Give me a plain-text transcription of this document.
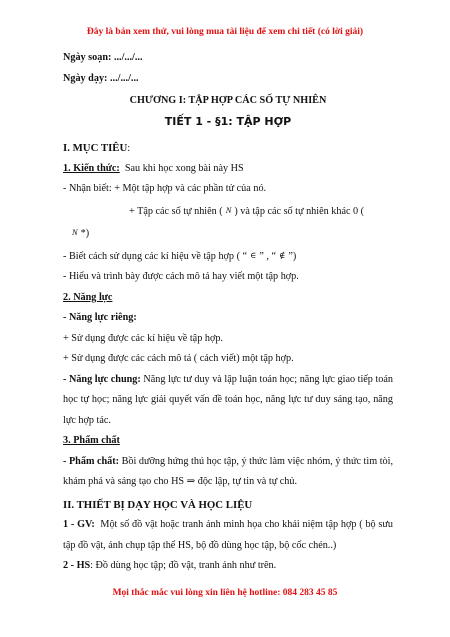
Đây là bản xem thử, vui lòng mua tài liệu để xem chi tiết (có lời giải)
Ngày soạn: .../.../...
Ngày dạy: .../.../...
CHƯƠNG I: TẬP HỢP CÁC SỐ TỰ NHIÊN
TIẾT 1 - §1: TẬP HỢP
I. MỤC TIÊU:
1. Kiến thức: Sau khi học xong bài này HS
- Nhận biết: + Một tập hợp và các phần tử của nó.
+ Tập các số tự nhiên ( N ) và tập các số tự nhiên khác 0 (
N *)
- Biết cách sử dụng các kí hiệu về tập hợp ( “ ∈ ” , “ ∉ ”)
- Hiểu và trình bày được cách mô tả hay viết một tập hợp.
2. Năng lực
- Năng lực riêng:
+ Sử dụng được các kí hiệu về tập hợp.
+ Sử dụng được các cách mô tả ( cách viết) một tập hợp.
- Năng lực chung: Năng lực tư duy và lập luận toán học; năng lực giao tiếp toán học tự học; năng lực giải quyết vấn đề toán học, năng lực tư duy sáng tạo, năng lực hợp tác.
3. Phẩm chất
- Phẩm chất: Bồi dưỡng hứng thú học tập, ý thức làm việc nhóm, ý thức tìm tòi, khám phá và sáng tạo cho HS ⇒ độc lập, tự tin và tự chủ.
II. THIẾT BỊ DẠY HỌC VÀ HỌC LIỆU
1 - GV: Một số đồ vật hoặc tranh ảnh minh họa cho khái niệm tập hợp ( bộ sưu tập đồ vật, ảnh chụp tập thể HS, bộ đồ dùng học tập, bộ cốc chén..)
2 - HS: Đồ dùng học tập; đồ vật, tranh ảnh như trên.
Mọi thắc mắc vui lòng xin liên hệ hotline: 084 283 45 85
